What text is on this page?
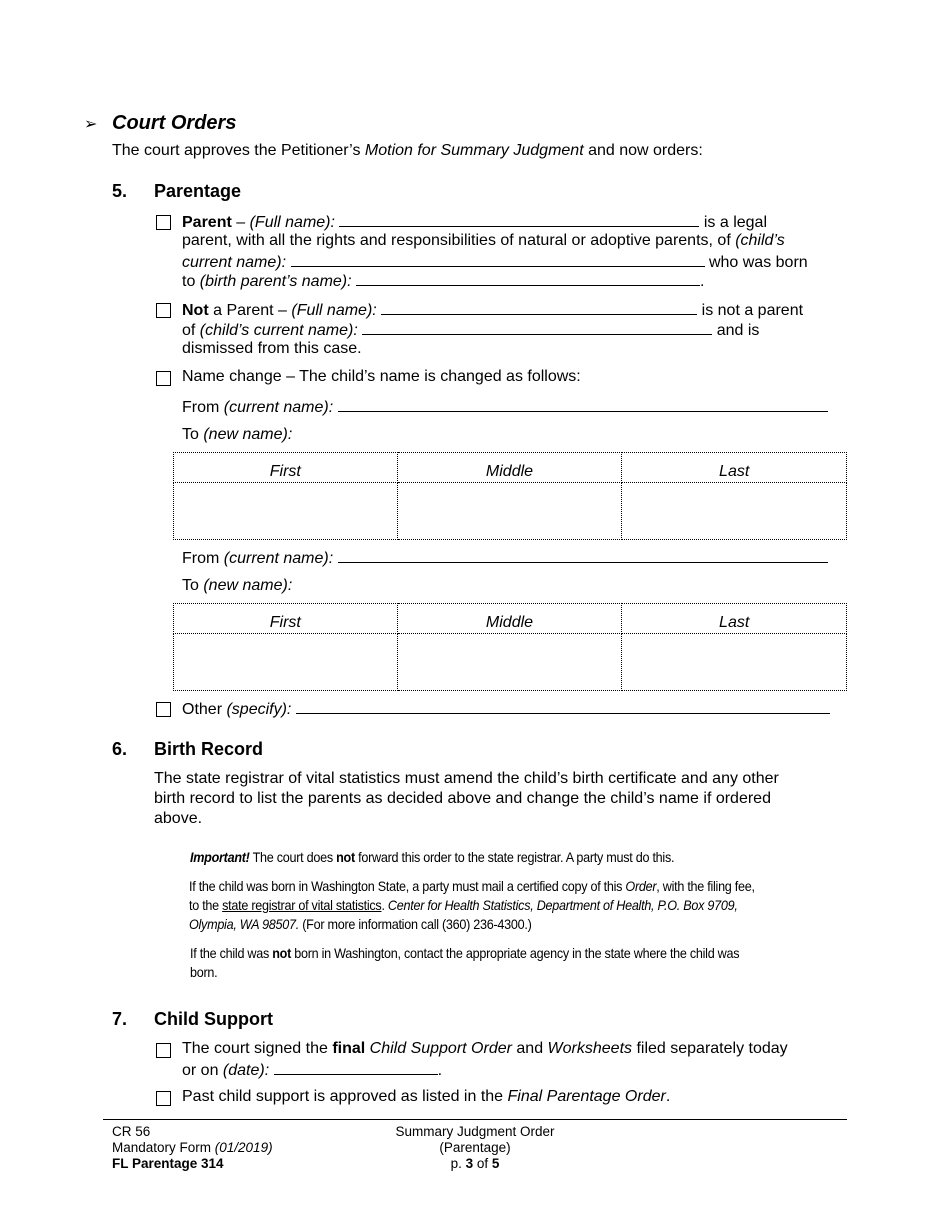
➢ Court Orders
The court approves the Petitioner’s Motion for Summary Judgment and now orders:
5. Parentage
Parent – (Full name):	is a legal
parent, with all the rights and responsibilities of natural or adoptive parents, of (child’s
current name):	who was born
to (birth parent’s name):	.
Not a Parent – (Full name):	is not a parent
of (child’s current name):	and is
dismissed from this case.
Name change – The child’s name is changed as follows:
From (current name):
To (new name):
First	Middle	Last

From (current name):
To (new name):
First	Middle	Last

Other (specify):
6. Birth Record
The state registrar of vital statistics must amend the child’s birth certificate and any other
birth record to list the parents as decided above and change the child’s name if ordered
above.
Important! The court does not forward this order to the state registrar. A party must do this.
If the child was born in Washington State, a party must mail a certified copy of this Order, with the filing fee,
to the state registrar of vital statistics. Center for Health Statistics, Department of Health, P.O. Box 9709,
Olympia, WA 98507. (For more information call (360) 236-4300.)
If the child was not born in Washington, contact the appropriate agency in the state where the child was
born.
7. Child Support
The court signed the final Child Support Order and Worksheets filed separately today
or on (date):	.
Past child support is approved as listed in the Final Parentage Order.
CR 56
Mandatory Form (01/2019)
FL Parentage 314
Summary Judgment Order
(Parentage)
p. 3 of 5
